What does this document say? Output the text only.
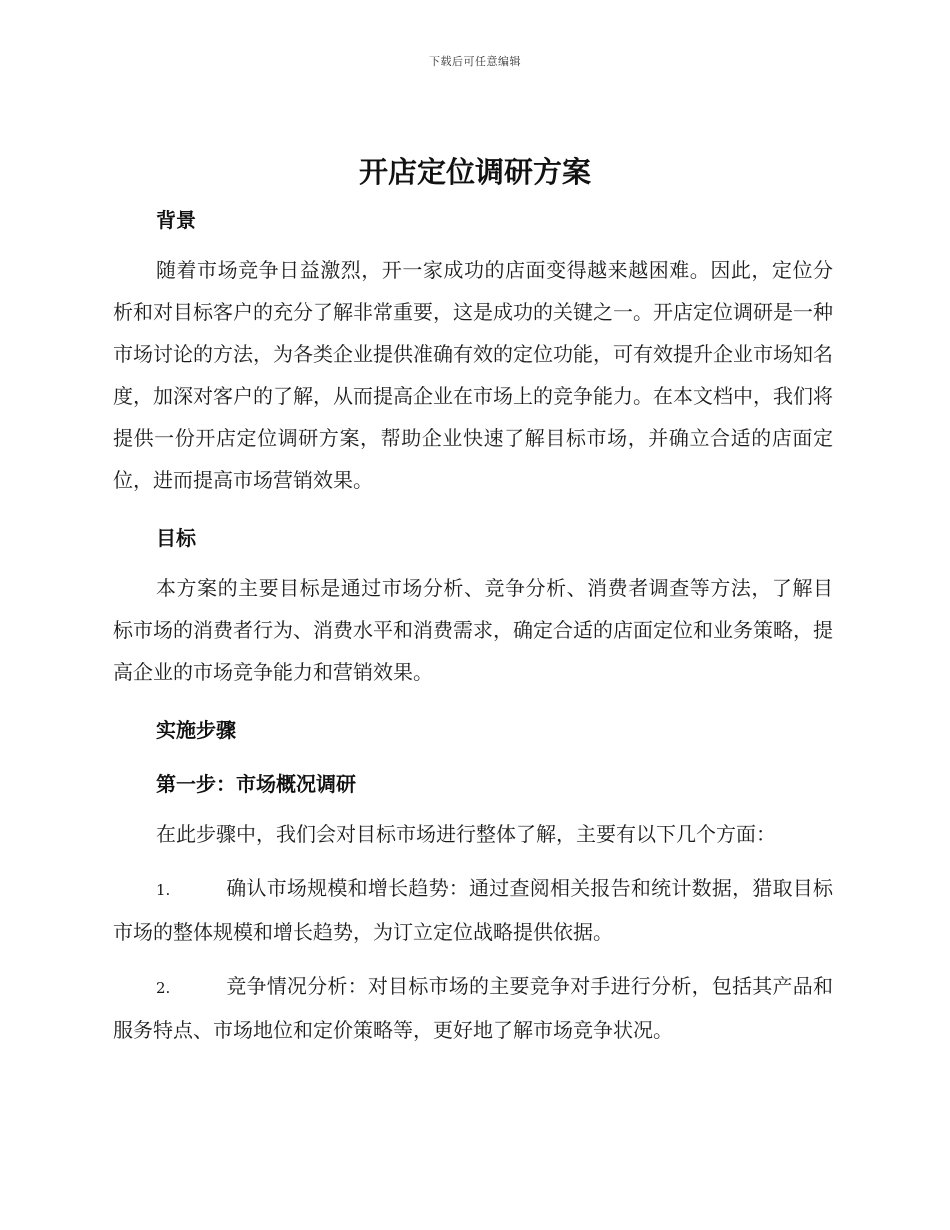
下载后可任意编辑
开店定位调研方案

背景

随着市场竞争日益激烈，开一家成功的店面变得越来越困难。因此，定位分析和对目标客户的充分了解非常重要，这是成功的关键之一。开店定位调研是一种市场讨论的方法，为各类企业提供准确有效的定位功能，可有效提升企业市场知名度，加深对客户的了解，从而提高企业在市场上的竞争能力。在本文档中，我们将提供一份开店定位调研方案，帮助企业快速了解目标市场，并确立合适的店面定位，进而提高市场营销效果。

目标

本方案的主要目标是通过市场分析、竞争分析、消费者调查等方法，了解目标市场的消费者行为、消费水平和消费需求，确定合适的店面定位和业务策略，提高企业的市场竞争能力和营销效果。

实施步骤

第一步：市场概况调研

在此步骤中，我们会对目标市场进行整体了解，主要有以下几个方面：

1.	确认市场规模和增长趋势：通过查阅相关报告和统计数据，猎取目标市场的整体规模和增长趋势，为订立定位战略提供依据。

2.	竞争情况分析：对目标市场的主要竞争对手进行分析，包括其产品和服务特点、市场地位和定价策略等，更好地了解市场竞争状况。
